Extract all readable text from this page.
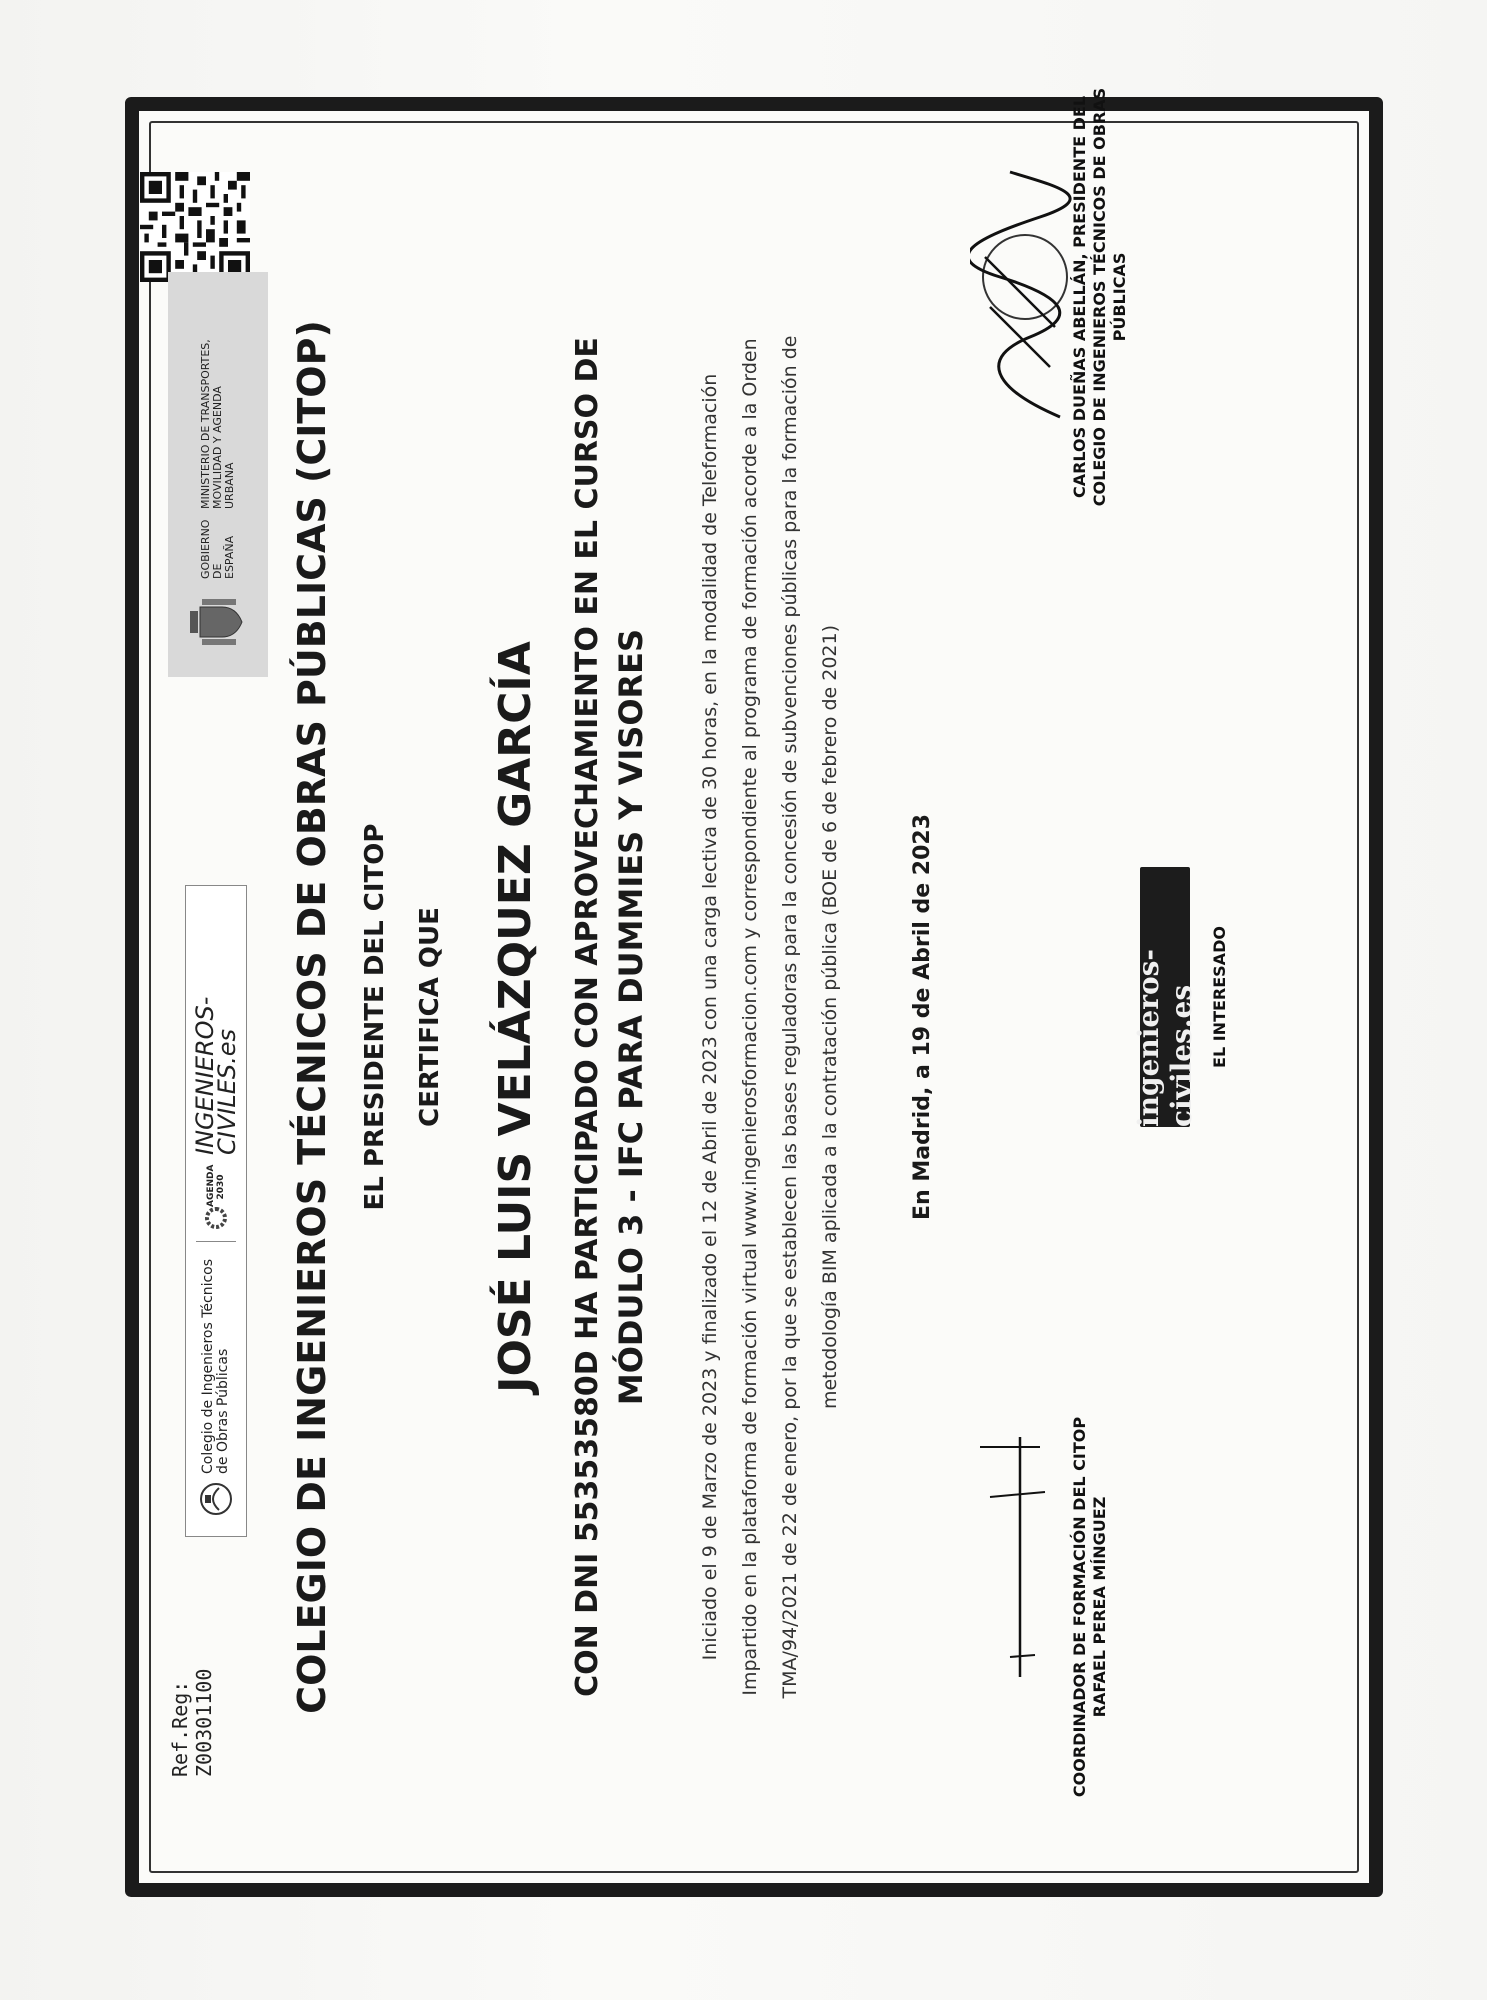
GOBIERNO DE ESPAÑA
MINISTERIO DE TRANSPORTES, MOVILIDAD Y AGENDA URBANA
Colegio de Ingenieros Técnicos de Obras Públicas
AGENDA 2030
INGENIEROS-
CIVILES.es
Ref.Reg: Z00301100
COLEGIO DE INGENIEROS TÉCNICOS DE OBRAS PÚBLICAS (CITOP) EL PRESIDENTE DEL CITOP CERTIFICA QUE JOSÉ LUIS VELÁZQUEZ GARCÍA CON DNI 55353580D HA PARTICIPADO CON APROVECHAMIENTO EN EL CURSO DE MÓDULO 3 - IFC PARA DUMMIES Y VISORES	Iniciado el 9 de Marzo de 2023 y finalizado el 12 de Abril de 2023 con una carga lectiva de 30 horas, en la modalidad de Teleformación Impartido en la plataforma de formación virtual www.ingenierosformacion.com y correspondiente al programa de formación acorde a la Orden TMA/94/2021 de 22 de enero, por la que se establecen las bases reguladoras para la concesión de subvenciones públicas para la formación de metodología BIM aplicada a la contratación pública (BOE de 6 de febrero de 2021)	En Madrid, a 19 de Abril de 2023	ingenieros-civiles.es
CARLOS DUEÑAS ABELLÁN, PRESIDENTE DEL COLEGIO DE INGENIEROS TÉCNICOS DE OBRAS PÚBLICAS
EL INTERESADO
COORDINADOR DE FORMACIÓN DEL CITOP RAFAEL PEREA MÍNGUEZ
